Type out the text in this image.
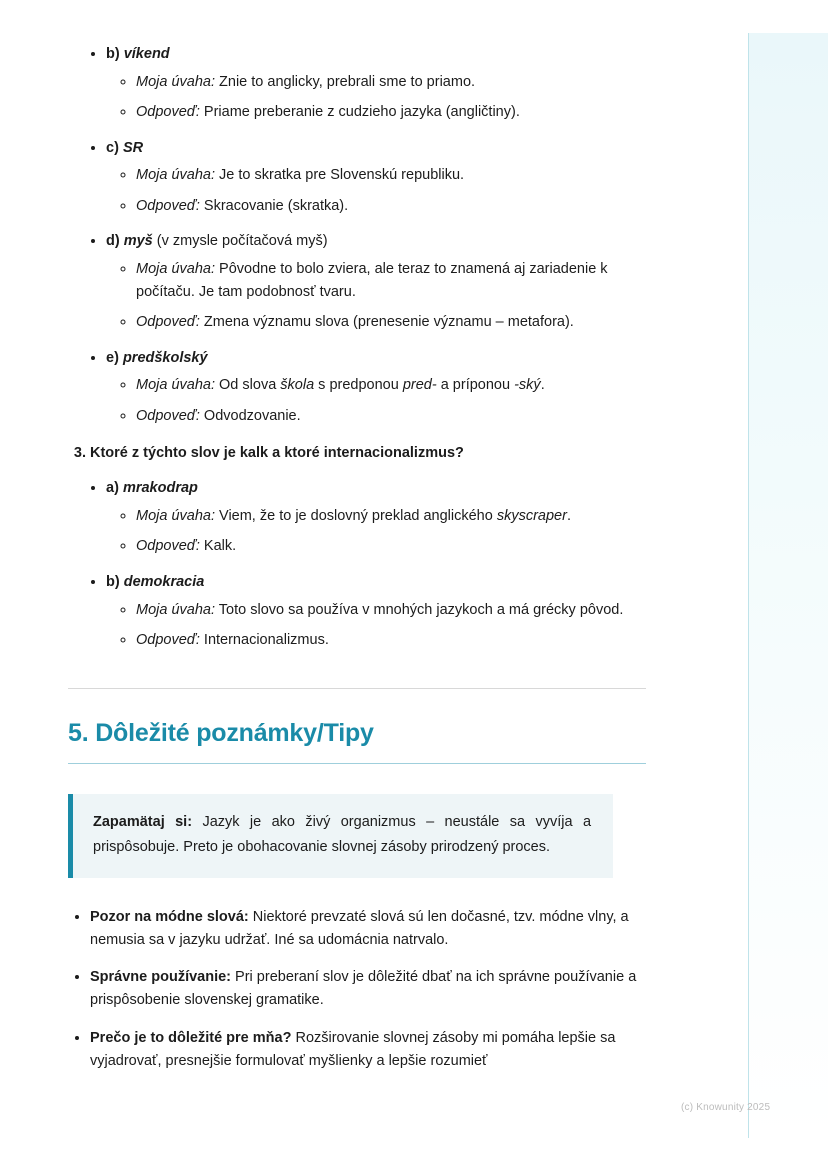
• b) víkend
◦ Moja úvaha: Znie to anglicky, prebrali sme to priamo.
◦ Odpoveď: Priame preberanie z cudzieho jazyka (angličtiny).
• c) SR
◦ Moja úvaha: Je to skratka pre Slovenskú republiku.
◦ Odpoveď: Skracovanie (skratka).
• d) myš (v zmysle počítačová myš)
◦ Moja úvaha: Pôvodne to bolo zviera, ale teraz to znamená aj zariadenie k počítaču. Je tam podobnosť tvaru.
◦ Odpoveď: Zmena významu slova (prenesenie významu – metafora).
• e) predškolský
◦ Moja úvaha: Od slova škola s predponou pred- a príponou -ský.
◦ Odpoveď: Odvodzovanie.
3. Ktoré z týchto slov je kalk a ktoré internacionalizmus?
• a) mrakodrap
◦ Moja úvaha: Viem, že to je doslovný preklad anglického skyscraper.
◦ Odpoveď: Kalk.
• b) demokracia
◦ Moja úvaha: Toto slovo sa používa v mnohých jazykoch a má grécky pôvod.
◦ Odpoveď: Internacionalizmus.
5. Dôležité poznámky/Tipy

Zapamätaj si: Jazyk je ako živý organizmus – neustále sa vyvíja a prispôsobuje. Preto je obohacovanie slovnej zásoby prirodzený proces.

• Pozor na módne slová: Niektoré prevzaté slová sú len dočasné, tzv. módne vlny, a nemusia sa v jazyku udržať. Iné sa udomácnia natrvalo.
• Správne používanie: Pri preberaní slov je dôležité dbať na ich správne používanie a prispôsobenie slovenskej gramatike.
• Prečo je to dôležité pre mňa? Rozširovanie slovnej zásoby mi pomáha lepšie sa vyjadrovať, presnejšie formulovať myšlienky a lepšie rozumieť
(c) Knowunity 2025
